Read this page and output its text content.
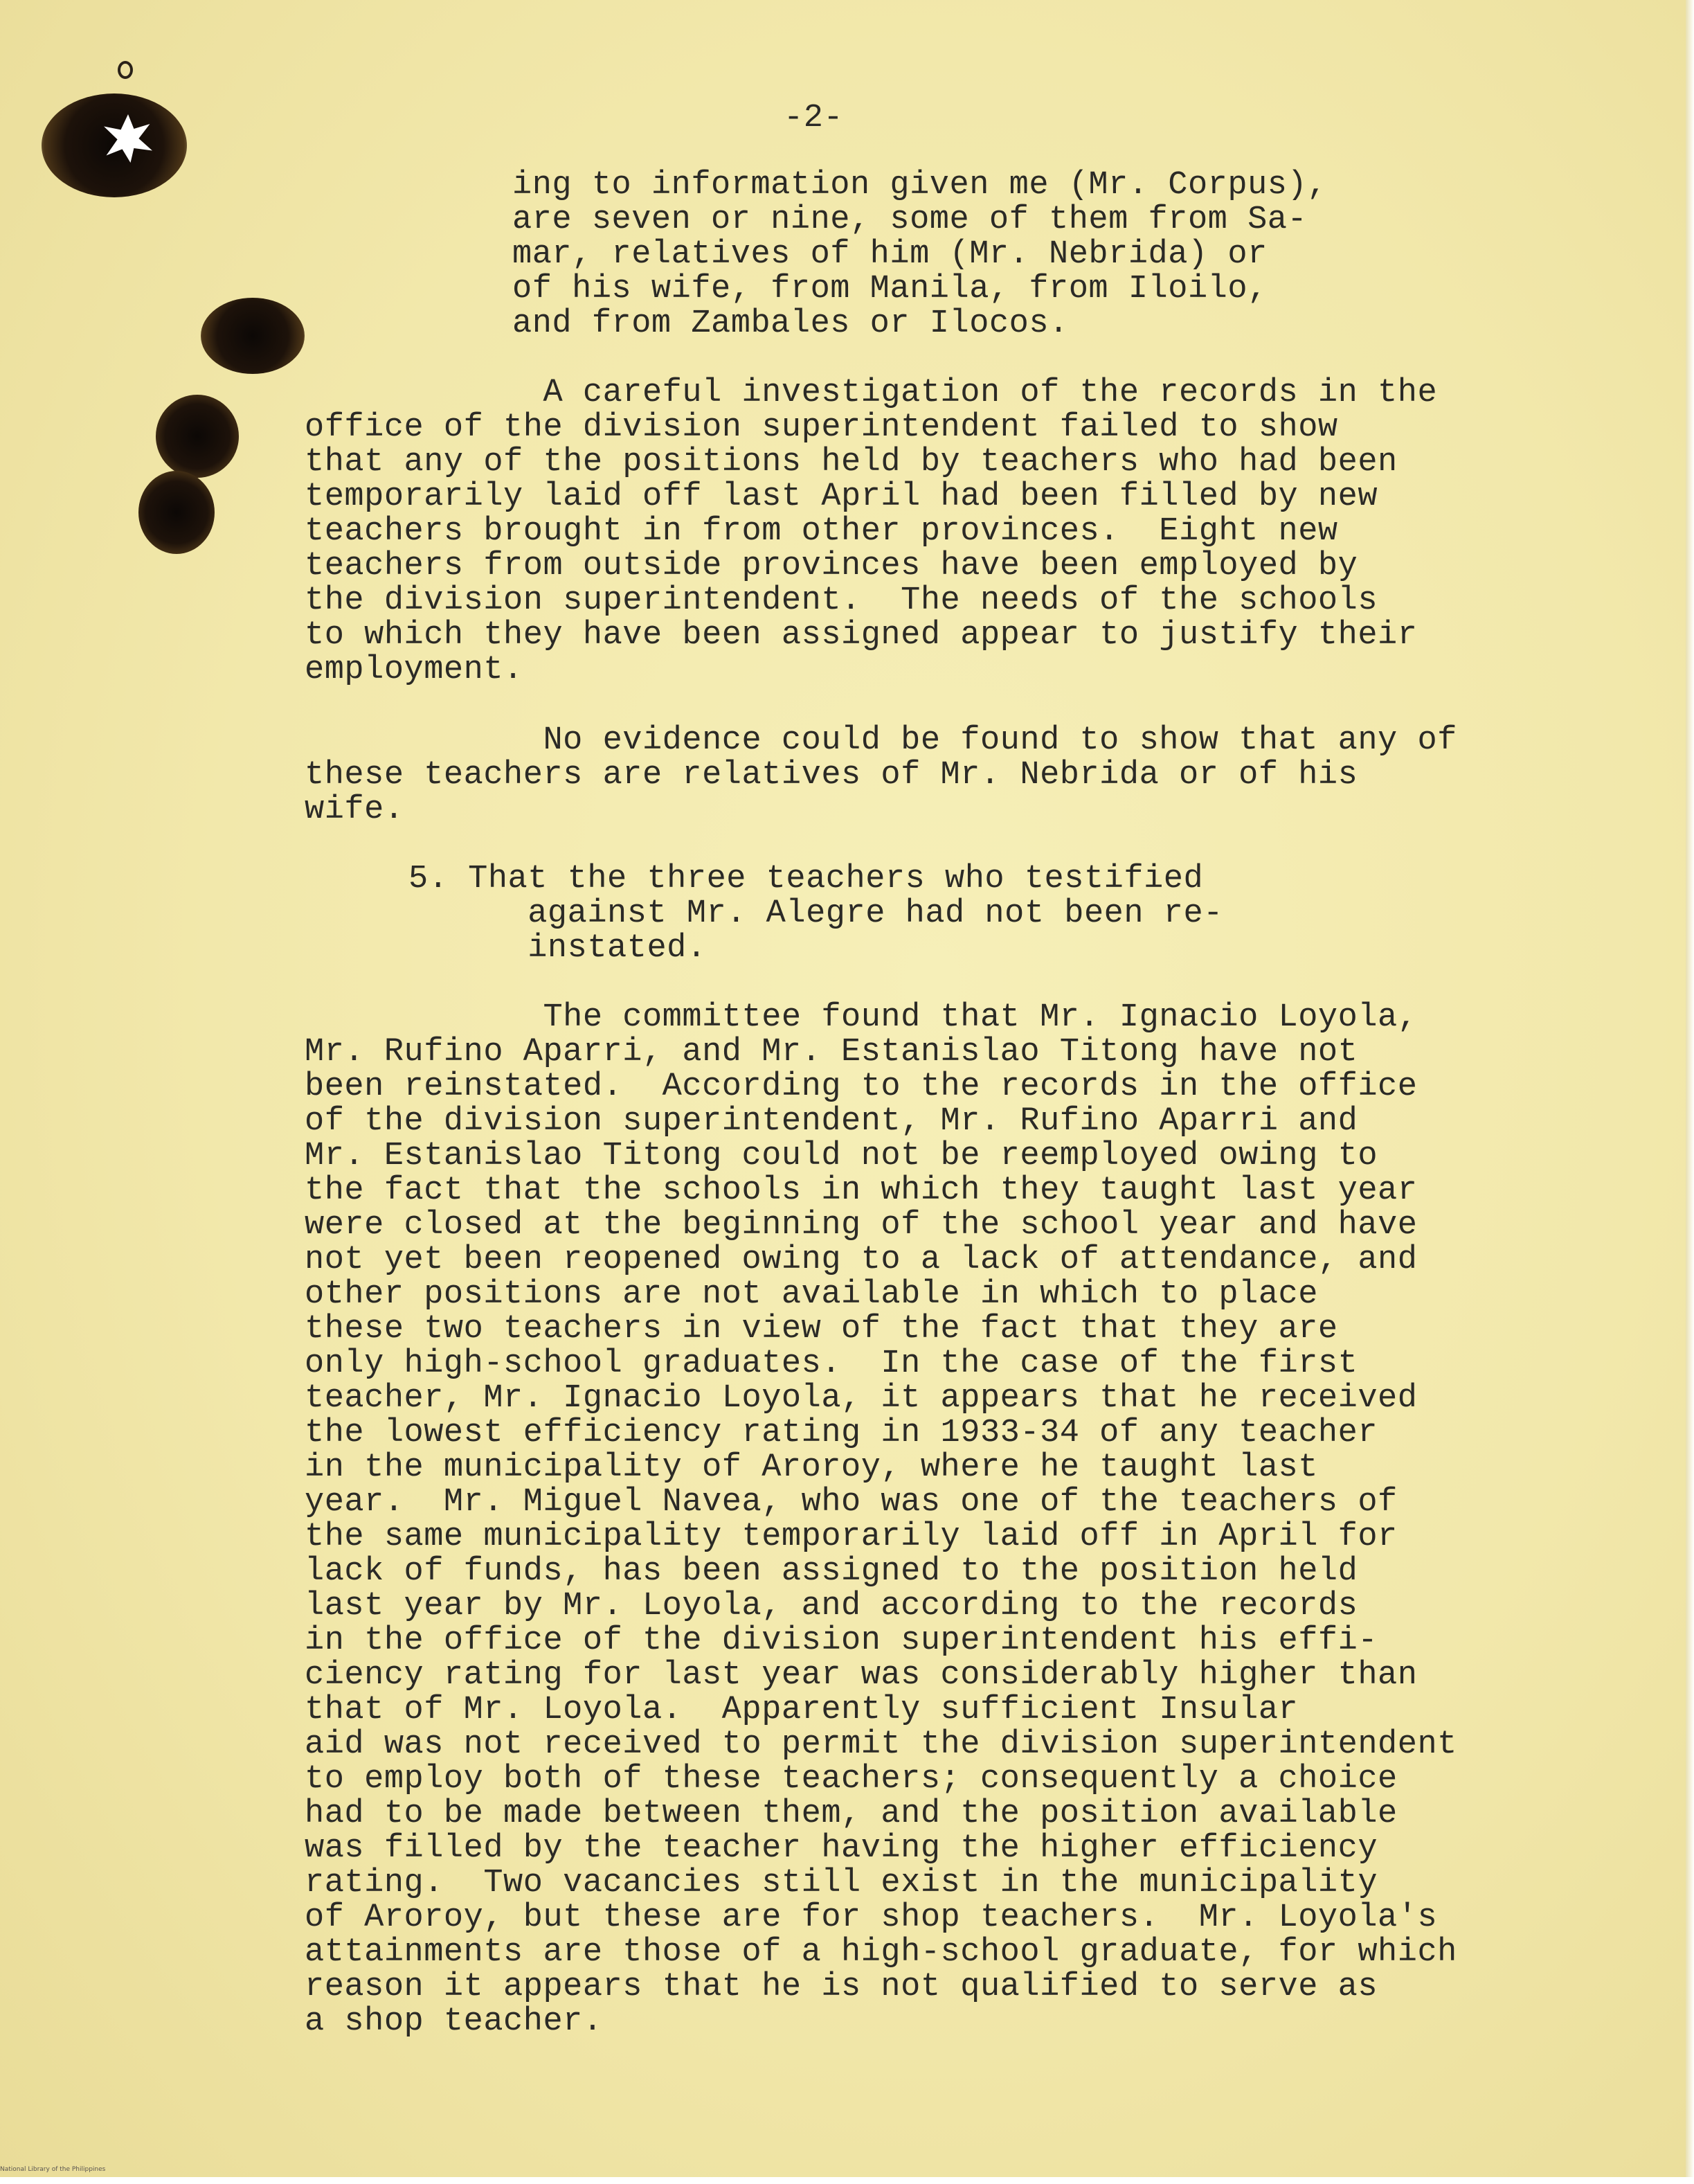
-2-

ing to information given me (Mr. Corpus),
are seven or nine, some of them from Sa-
mar, relatives of him (Mr. Nebrida) or
of his wife, from Manila, from Iloilo,
and from Zambales or Ilocos.

A careful investigation of the records in the
office of the division superintendent failed to show
that any of the positions held by teachers who had been
temporarily laid off last April had been filled by new
teachers brought in from other provinces.  Eight new
teachers from outside provinces have been employed by
the division superintendent.  The needs of the schools
to which they have been assigned appear to justify their
employment.

No evidence could be found to show that any of
these teachers are relatives of Mr. Nebrida or of his
wife.

5. That the three teachers who testified
against Mr. Alegre had not been re-
instated.

The committee found that Mr. Ignacio Loyola,
Mr. Rufino Aparri, and Mr. Estanislao Titong have not
been reinstated.  According to the records in the office
of the division superintendent, Mr. Rufino Aparri and
Mr. Estanislao Titong could not be reemployed owing to
the fact that the schools in which they taught last year
were closed at the beginning of the school year and have
not yet been reopened owing to a lack of attendance, and
other positions are not available in which to place
these two teachers in view of the fact that they are
only high-school graduates.  In the case of the first
teacher, Mr. Ignacio Loyola, it appears that he received
the lowest efficiency rating in 1933-34 of any teacher
in the municipality of Aroroy, where he taught last
year.  Mr. Miguel Navea, who was one of the teachers of
the same municipality temporarily laid off in April for
lack of funds, has been assigned to the position held
last year by Mr. Loyola, and according to the records
in the office of the division superintendent his effi-
ciency rating for last year was considerably higher than
that of Mr. Loyola.  Apparently sufficient Insular
aid was not received to permit the division superintendent
to employ both of these teachers; consequently a choice
had to be made between them, and the position available
was filled by the teacher having the higher efficiency
rating.  Two vacancies still exist in the municipality
of Aroroy, but these are for shop teachers.  Mr. Loyola's
attainments are those of a high-school graduate, for which
reason it appears that he is not qualified to serve as
a shop teacher.

National Library of the Philippines
